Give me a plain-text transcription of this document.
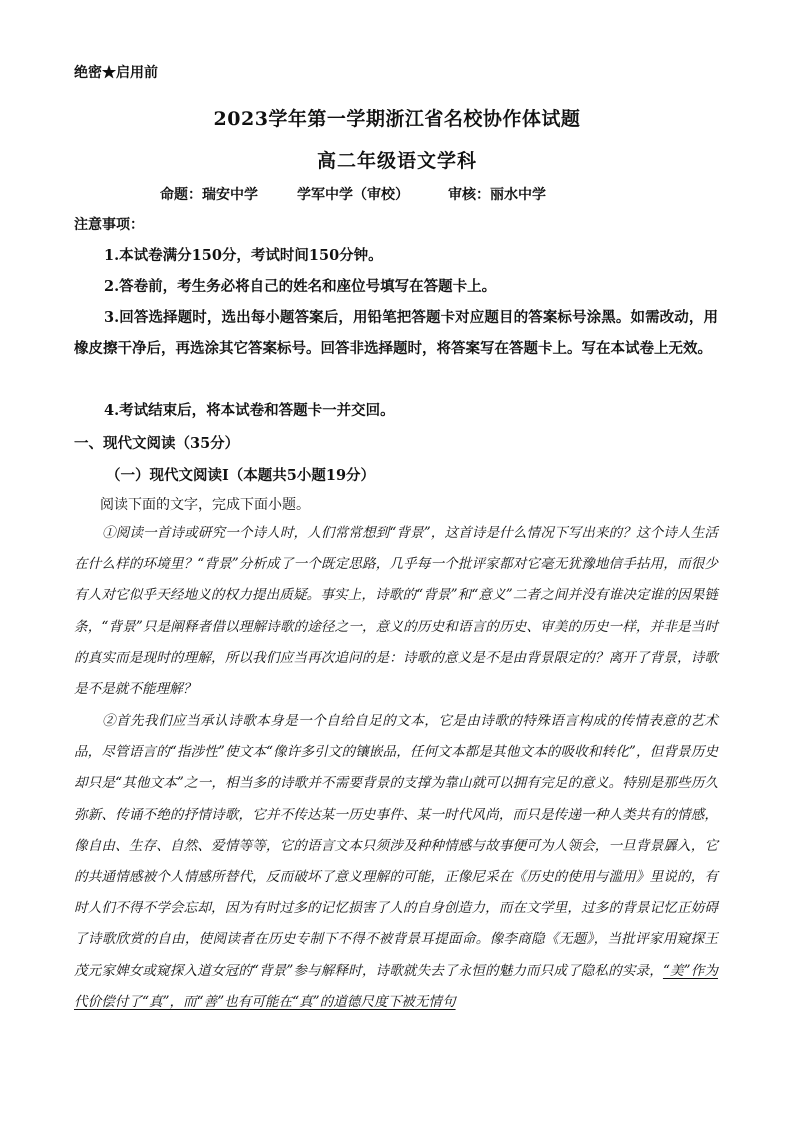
绝密★启用前
2023学年第一学期浙江省名校协作体试题
高二年级语文学科
命题：瑞安中学        学军中学（审校）        审核：丽水中学
注意事项：
1.本试卷满分150分，考试时间150分钟。
2.答卷前，考生务必将自己的姓名和座位号填写在答题卡上。
3.回答选择题时，选出每小题答案后，用铅笔把答题卡对应题目的答案标号涂黑。如需改动，用橡皮擦干净后，再选涂其它答案标号。回答非选择题时，将答案写在答题卡上。写在本试卷上无效。
4.考试结束后，将本试卷和答题卡一并交回。
一、现代文阅读（35分）
（一）现代文阅读Ⅰ（本题共5小题19分）
阅读下面的文字，完成下面小题。
①阅读一首诗或研究一个诗人时，人们常常想到“背景”，这首诗是什么情况下写出来的？这个诗人生活在什么样的环境里？“背景”分析成了一个既定思路，几乎每一个批评家都对它毫无犹豫地信手拈用，而很少有人对它似乎天经地义的权力提出质疑。事实上，诗歌的“背景”和“意义”二者之间并没有谁决定谁的因果链条，“背景”只是阐释者借以理解诗歌的途径之一，意义的历史和语言的历史、审美的历史一样，并非是当时的真实而是现时的理解，所以我们应当再次追问的是：诗歌的意义是不是由背景限定的？离开了背景，诗歌是不是就不能理解？
②首先我们应当承认诗歌本身是一个自给自足的文本，它是由诗歌的特殊语言构成的传情表意的艺术品，尽管语言的“指涉性”使文本“像许多引文的镶嵌品，任何文本都是其他文本的吸收和转化”，但背景历史却只是“其他文本”之一，相当多的诗歌并不需要背景的支撑为靠山就可以拥有完足的意义。特别是那些历久弥新、传诵不绝的抒情诗歌，它并不传达某一历史事件、某一时代风尚，而只是传递一种人类共有的情感，像自由、生存、自然、爱情等等，它的语言文本只须涉及种种情感与故事便可为人领会，一旦背景羼入，它的共通情感被个人情感所替代，反而破坏了意义理解的可能，正像尼采在《历史的使用与滥用》里说的，有时人们不得不学会忘却，因为有时过多的记忆损害了人的自身创造力，而在文学里，过多的背景记忆正妨碍了诗歌欣赏的自由，使阅读者在历史专制下不得不被背景耳提面命。像李商隐《无题》，当批评家用窥探王茂元家婢女或窥探入道女冠的“背景”参与解释时，诗歌就失去了永恒的魅力而只成了隐私的实录，“美”作为代价偿付了“真”，而“善”也有可能在“真”的道德尺度下被无情句
